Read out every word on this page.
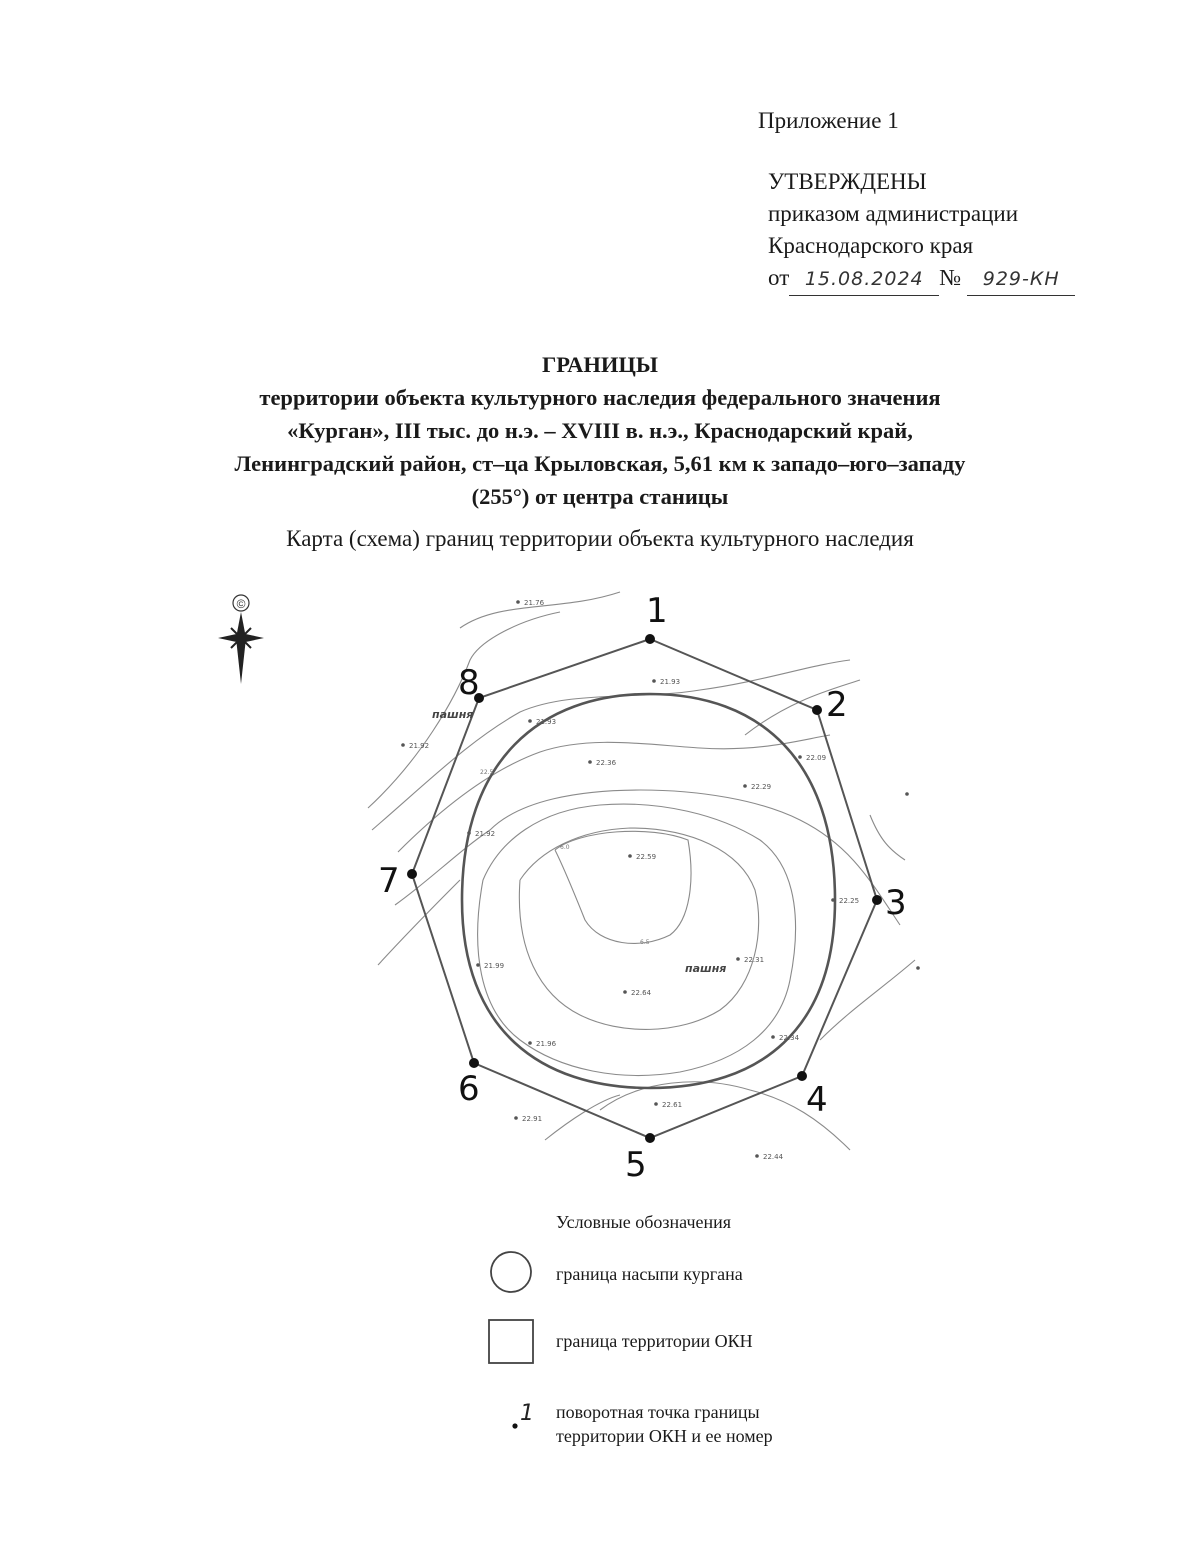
Приложение 1
УТВЕРЖДЕНЫ
приказом администрации
Краснодарского края
от 15.08.2024 № 929-КН
ГРАНИЦЫ
территории объекта культурного наследия федерального значения
«Курган», III тыс. до н.э. – XVIII в. н.э., Краснодарский край,
Ленинградский район, ст–ца Крыловская, 5,61 км к западо–юго–западу
(255°) от центра станицы
Карта (схема) границ территории объекта культурного наследия
©	1
2
3
4
5
6
7
8
пашня
пашня
21.76
21.93
21.92
21.93
22.36
22.09
22.29
21.92
22.59
22.25
21.99
22.31
22.64
22.34
21.96
22.61
22.91
22.44
6.5
22.5
6.0
1
Условные обозначения
граница насыпи кургана
граница территории ОКН
поворотная точка границы
территории ОКН и ее номер
